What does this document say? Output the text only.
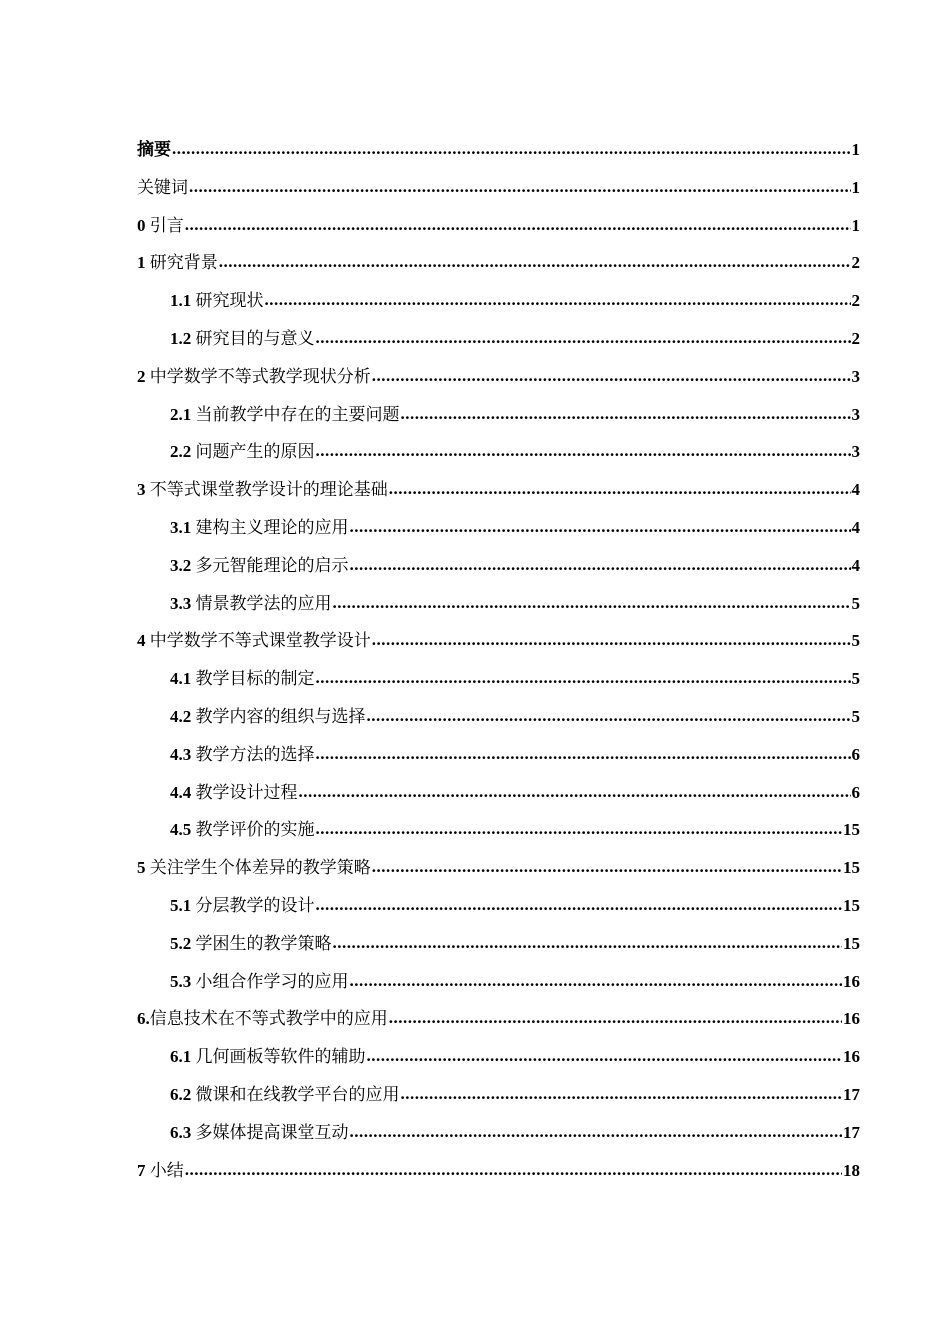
摘要 .....	1
关键词 .....	1
0 引言 .....	1
1 研究背景 .....	2
1.1 研究现状 .....	2
1.2 研究目的与意义 .....	2
2 中学数学不等式教学现状分析 .....	3
2.1 当前教学中存在的主要问题 .....	3
2.2 问题产生的原因 .....	3
3 不等式课堂教学设计的理论基础 .....	4
3.1 建构主义理论的应用 .....	4
3.2 多元智能理论的启示 .....	4
3.3 情景教学法的应用 .....	5
4 中学数学不等式课堂教学设计 .....	5
4.1 教学目标的制定 .....	5
4.2 教学内容的组织与选择 .....	5
4.3 教学方法的选择 .....	6
4.4 教学设计过程 .....	6
4.5 教学评价的实施 .....	15
5 关注学生个体差异的教学策略 .....	15
5.1 分层教学的设计 .....	15
5.2 学困生的教学策略 .....	15
5.3 小组合作学习的应用 .....	16
6. 信息技术在不等式教学中的应用 .....	16
6.1 几何画板等软件的辅助 .....	16
6.2 微课和在线教学平台的应用 .....	17
6.3 多媒体提高课堂互动 .....	17
7 小结 .....	18
